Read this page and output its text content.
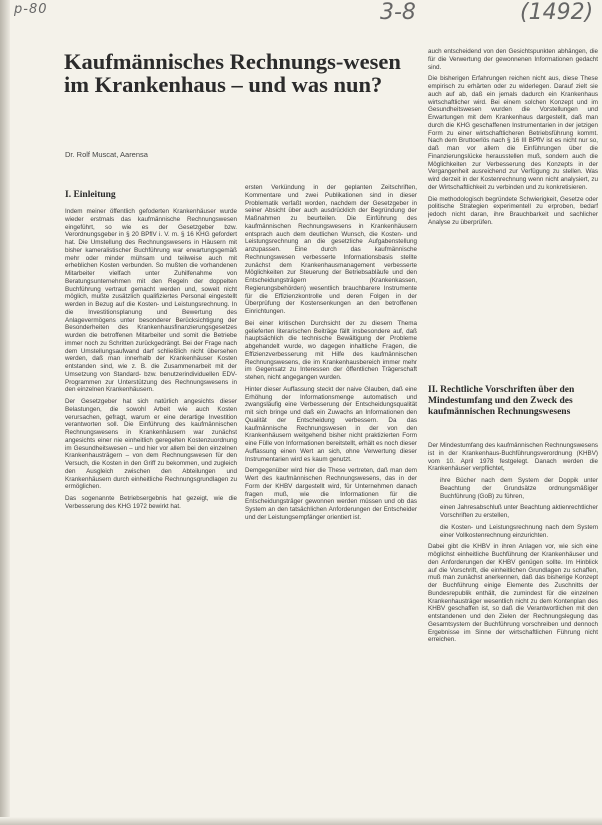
p-80	3-8	(1492)
Kaufmännisches Rechnungs-wesen im Krankenhaus – und was nun?
Dr. Rolf Muscat, Aarensa
I. Einleitung

Indem meiner öffentlich gefoderten Krankenhäuser wurde wieder erstmals das kaufmännische Rechnungswesen eingeführt, so wie es der Gesetzgeber bzw. Verordnungsgeber in § 20 BPflV i. V. m. § 16 KHG gefordert hat. Die Umstellung des Rechnungswesens in Häusern mit bisher kameralistischer Buchführung war erwartungsgemäß mehr oder minder mühsam und teilweise auch mit erheblichen Kosten verbunden. So mußten die vorhandenen Mitarbeiter vielfach unter Zuhilfenahme von Beratungsunternehmen mit den Regeln der doppelten Buchführung vertraut gemacht werden und, soweit nicht möglich, mußte zusätzlich qualifiziertes Personal eingestellt werden in Bezug auf die Kosten- und Leistungsrechnung. In die Investitionsplanung und Bewertung des Anlagevermögens unter besonderer Berücksichtigung der Besonderheiten des Krankenhausfinanzierungsgesetzes wurden die betroffenen Mitarbeiter und somit die Betriebe immer noch zu Schritten zurückgedrängt. Bei der Frage nach dem Umstellungsaufwand darf schließlich nicht übersehen werden, daß man innerhalb der Krankenhäuser Kosten entstanden sind, wie z. B. die Zusammenarbeit mit der Umsetzung von Standard- bzw. benutzerindividuellen EDV-Programmen zur Unterstützung des Rechnungswesens in den einzelnen Krankenhäusern.

Der Gesetzgeber hat sich natürlich angesichts dieser Belastungen, die sowohl Arbeit wie auch Kosten verursachen, gefragt, warum er eine derartige Investition verantworten soll. Die Einführung des kaufmännischen Rechnungswesens in Krankenhäusern war zunächst angesichts einer nie einheitlich geregelten Kostenzuordnung im Gesundheitswesen – und hier vor allem bei den einzelnen Krankenhausträgern – von dem Rechnungswesen für den Versuch, die Kosten in den Griff zu bekommen, und zugleich den Ausgleich zwischen den Abteilungen und Krankenhäusern durch einheitliche Rechnungsgrundlagen zu ermöglichen.

Das sogenannte Betriebsergebnis hat gezeigt, wie die Verbesserung des KHG 1972 bewirkt hat.

ersten Verkündung in der geplanten Zeitschriften, Kommentare und zwei Publikationen sind in dieser Problematik verfaßt worden, nachdem der Gesetzgeber in seiner Absicht über auch ausdrücklich der Begründung der Maßnahmen zu beurteilen. Die Einführung des kaufmännischen Rechnungswesens in Krankenhäusern entsprach auch dem deutlichen Wunsch, die Kosten- und Leistungsrechnung an die gesetzliche Aufgabenstellung anzupassen. Eine durch das kaufmännische Rechnungswesen verbesserte Informationsbasis stellte zunächst dem Krankenhausmanagement verbesserte Möglichkeiten zur Steuerung der Betriebsabläufe und den Entscheidungsträgern (Krankenkassen, Regierungsbehörden) wesentlich brauchbarere Instrumente für die Effizienzkontrolle und deren Folgen in der Überprüfung der Kostensenkungen an den betroffenen Einrichtungen.

Bei einer kritischen Durchsicht der zu diesem Thema gelieferten literarischen Beiträge fällt insbesondere auf, daß hauptsächlich die technische Bewältigung der Probleme abgehandelt wurde, wo dagegen inhaltliche Fragen, die Effizienzverbesserung mit Hilfe des kaufmännischen Rechnungswesens, die im Krankenhausbereich immer mehr im Gegensatz zu Interessen der öffentlichen Trägerschaft stehen, nicht angegangen wurden.

Hinter dieser Auffassung steckt der naive Glauben, daß eine Erhöhung der Informationsmenge automatisch und zwangsläufig eine Verbesserung der Entscheidungsqualität mit sich bringe und daß ein Zuwachs an Informationen den Qualität der Entscheidung verbessern. Da das kaufmännische Rechnungswesen in der von den Krankenhäusern weitgehend bisher nicht praktizierten Form eine Fülle von Informationen bereitstellt, erhält es noch dieser Auffassung einen Wert an sich, ohne Verwertung dieser Instrumentarien wird es kaum genutzt.

Demgegenüber wird hier die These vertreten, daß man dem Wert des kaufmännischen Rechnungswesens, das in der Form der KHBV dargestellt wird, für Unternehmen danach fragen muß, wie die Informationen für die Entscheidungsträger gewonnen werden müssen und ob das System an den tatsächlichen Anforderungen der Entscheider und der Leistungsempfänger orientiert ist.

auch entscheidend von den Gesichtspunkten abhängen, die für die Verwertung der gewonnenen Informationen gedacht sind.

Die bisherigen Erfahrungen reichen nicht aus, diese These empirisch zu erhärten oder zu widerlegen. Darauf zielt sie auch auf ab, daß ein jemals dadurch ein Krankenhaus wirtschaftlicher wird. Bei einem solchen Konzept und im Gesundheitswesen wurden die Vorstellungen und Erwartungen mit dem Krankenhaus dargestellt, daß man durch die KHG geschaffenen Instrumentarien in der jetzigen Form zu einer wirtschaftlicheren Betriebsführung kommt. Nach dem Bruttoerlös nach § 16 III BPflV ist es nicht nur so, daß man vor allem die Einführungen über die Finanzierungslücke herausstellen muß, sondern auch die Möglichkeiten zur Verbesserung des Konzepts in der Vergangenheit ausreichend zur Verfügung zu stellen. Was wird derzeit in der Kostenrechnung wenn nicht analysiert, zu der Wirtschaftlichkeit zu verbinden und zu konkretisieren.

Die methodologisch begründete Schwierigkeit, Gesetze oder politische Strategien experimentell zu erproben, bedarf jedoch nicht daran, ihre Brauchbarkeit und sachlicher Analyse zu überprüfen.

II. Rechtliche Vorschriften über den Mindestumfang und den Zweck des kaufmännischen Rechnungswesens

Der Mindestumfang des kaufmännischen Rechnungswesens ist in der Krankenhaus-Buchführungsverordnung (KHBV) vom 10. April 1978 festgelegt. Danach werden die Krankenhäuser verpflichtet,

ihre Bücher nach dem System der Doppik unter Beachtung der Grundsätze ordnungsmäßiger Buchführung (GoB) zu führen,

einen Jahresabschluß unter Beachtung aktienrechtlicher Vorschriften zu erstellen,

die Kosten- und Leistungsrechnung nach dem System einer Vollkostenrechnung einzurichten.

Dabei gibt die KHBV in ihren Anlagen vor, wie sich eine möglichst einheitliche Buchführung der Krankenhäuser und den Anforderungen der KHBV genügen sollte. Im Hinblick auf die Vorschrift, die einheitlichen Grundlagen zu schaffen, muß man zunächst anerkennen, daß das bisherige Konzept der Buchführung einige Elemente des Zuschnitts der Bundesrepublik enthält, die zumindest für die einzelnen Krankenhausträger wesentlich nicht zu dem Kontenplan des KHBV geschaffen ist, so daß die Verantwortlichen mit den entstandenen und den Zielen der Rechnungslegung das Gesamtsystem der Buchführung vorschreiben und dennoch Ergebnisse im Sinne der wirtschaftlichen Führung nicht erreichen.
